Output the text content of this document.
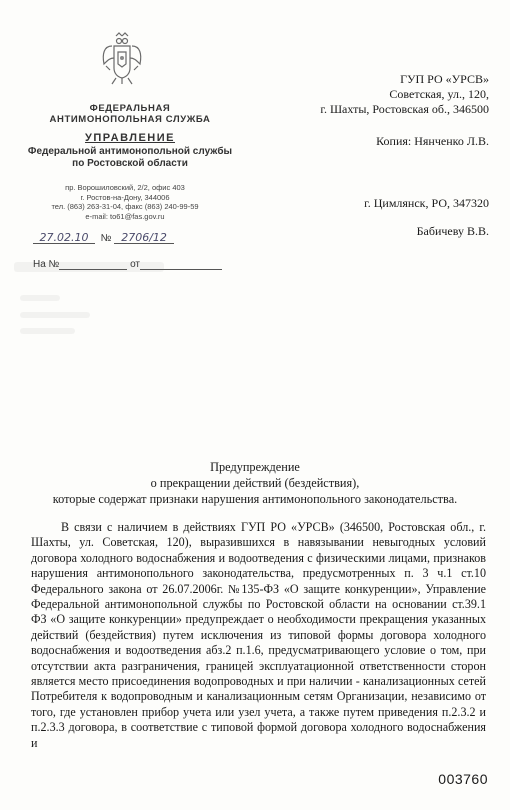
ФЕДЕРАЛЬНАЯ
АНТИМОНОПОЛЬНАЯ СЛУЖБА
УПРАВЛЕНИЕ
Федеральной антимонопольной службы
по Ростовской области
пр. Ворошиловский, 2/2, офис 403
г. Ростов-на-Дону, 344006
тел. (863) 263-31-04, факс (863) 240-99-59
e-mail: to61@fas.gov.ru
27.02.10 № 2706/12
На №	от
ГУП РО «УРСВ»
Советская, ул., 120,
г. Шахты, Ростовская об., 346500
Копия: Нянченко Л.В.
г. Цимлянск, РО, 347320
Бабичеву В.В.
Предупреждение
о прекращении действий (бездействия),
которые содержат признаки нарушения антимонопольного законодательства.
В связи с наличием в действиях ГУП РО «УРСВ» (346500, Ростовская обл., г. Шахты, ул. Советская, 120), выразившихся в навязывании невыгодных условий договора холодного водоснабжения и водоотведения с физическими лицами, признаков нарушения антимонопольного законодательства, предусмотренных п. 3 ч.1 ст.10 Федерального закона от 26.07.2006г. №135-ФЗ «О защите конкуренции», Управление Федеральной антимонопольной службы по Ростовской области на основании ст.39.1 ФЗ «О защите конкуренции» предупреждает о необходимости прекращения указанных действий (бездействия) путем исключения из типовой формы договора холодного водоснабжения и водоотведения абз.2 п.1.6, предусматривающего условие о том, при отсутствии акта разграничения, границей эксплуатационной ответственности сторон является место присоединения водопроводных и при наличии - канализационных сетей Потребителя к водопроводным и канализационным сетям Организации, независимо от того, где установлен прибор учета или узел учета, а также путем приведения п.2.3.2 и п.2.3.3 договора, в соответствие с типовой формой договора холодного водоснабжения и
003760
